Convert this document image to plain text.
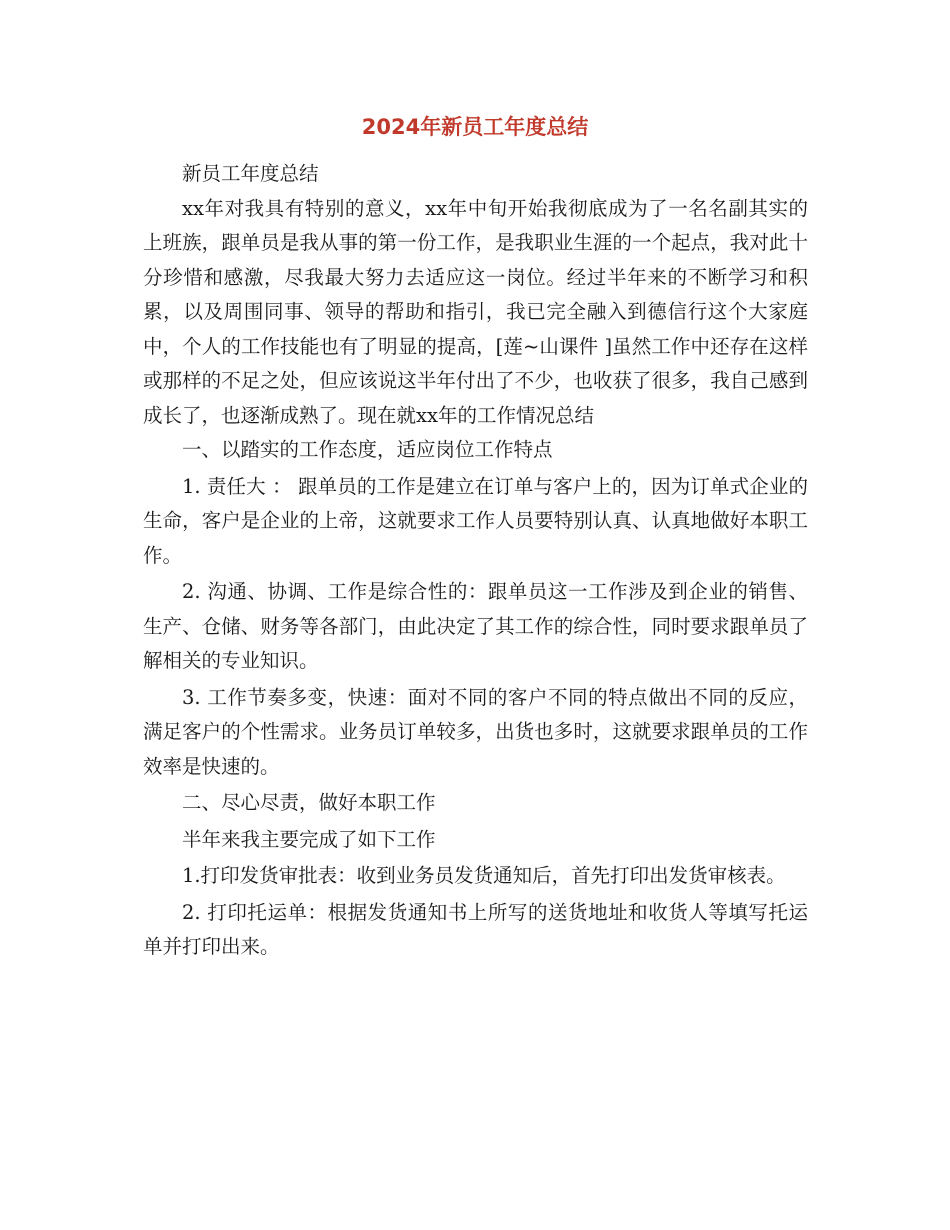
2024年新员工年度总结

新员工年度总结

xx年对我具有特别的意义，xx年中旬开始我彻底成为了一名名副其实的上班族，跟单员是我从事的第一份工作，是我职业生涯的一个起点，我对此十分珍惜和感激，尽我最大努力去适应这一岗位。经过半年来的不断学习和积累，以及周围同事、领导的帮助和指引，我已完全融入到德信行这个大家庭中，个人的工作技能也有了明显的提高，[莲~山课件 ]虽然工作中还存在这样或那样的不足之处，但应该说这半年付出了不少，也收获了很多，我自己感到成长了，也逐渐成熟了。现在就xx年的工作情况总结

一、以踏实的工作态度，适应岗位工作特点

1. 责任大 ： 跟单员的工作是建立在订单与客户上的，因为订单式企业的生命，客户是企业的上帝，这就要求工作人员要特别认真、认真地做好本职工作。

2. 沟通、协调、工作是综合性的：跟单员这一工作涉及到企业的销售、生产、仓储、财务等各部门，由此决定了其工作的综合性，同时要求跟单员了解相关的专业知识。

3. 工作节奏多变，快速：面对不同的客户不同的特点做出不同的反应，满足客户的个性需求。业务员订单较多，出货也多时，这就要求跟单员的工作效率是快速的。

二、尽心尽责，做好本职工作

半年来我主要完成了如下工作

1.打印发货审批表：收到业务员发货通知后，首先打印出发货审核表。

2. 打印托运单：根据发货通知书上所写的送货地址和收货人等填写托运单并打印出来。
